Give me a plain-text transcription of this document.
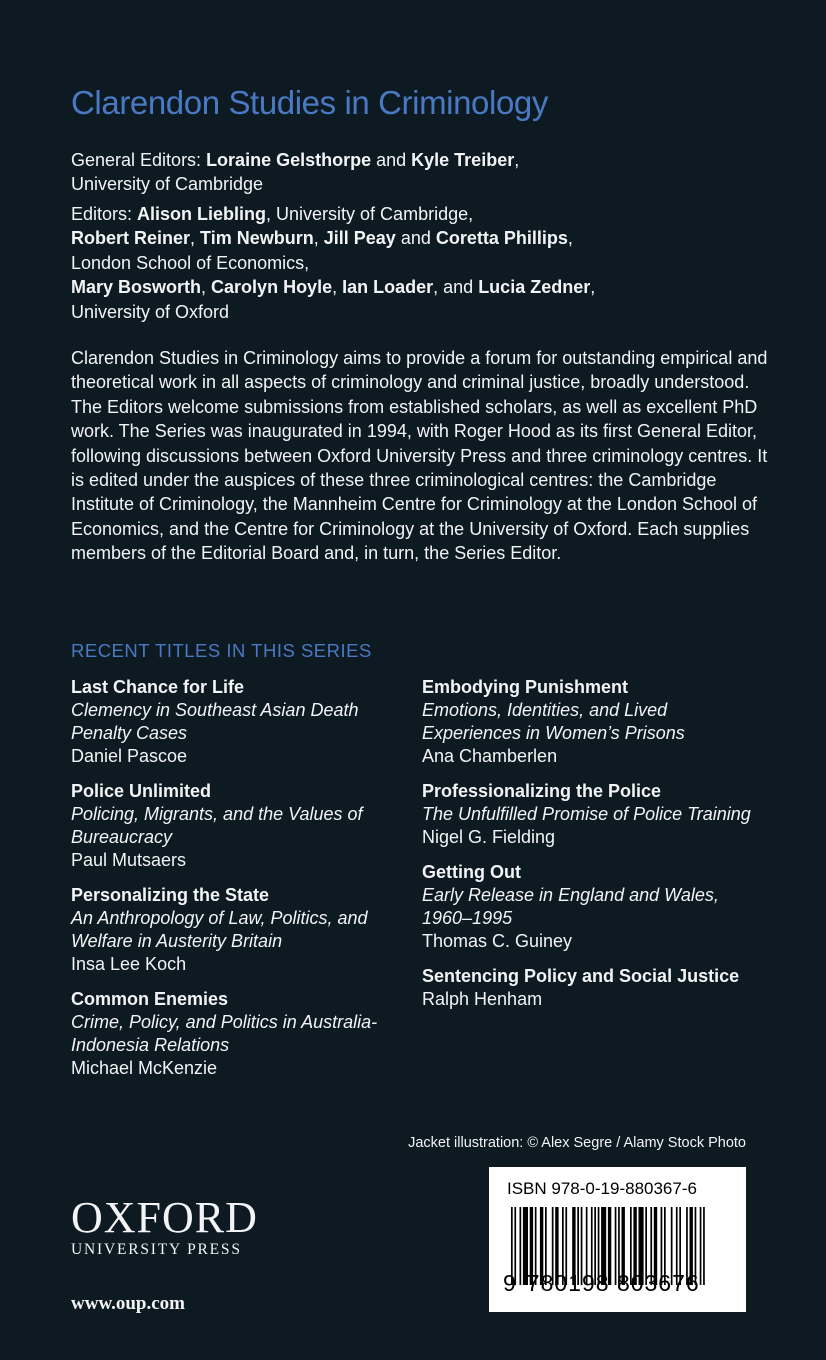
Clarendon Studies in Criminology
General Editors: Loraine Gelsthorpe and Kyle Treiber,
University of Cambridge
Editors: Alison Liebling, University of Cambridge,
Robert Reiner, Tim Newburn, Jill Peay and Coretta Phillips,
London School of Economics,
Mary Bosworth, Carolyn Hoyle, Ian Loader, and Lucia Zedner,
University of Oxford

Clarendon Studies in Criminology aims to provide a forum for outstanding empirical and theoretical work in all aspects of criminology and criminal justice, broadly understood. The Editors welcome submissions from established scholars, as well as excellent PhD work. The Series was inaugurated in 1994, with Roger Hood as its first General Editor, following discussions between Oxford University Press and three criminology centres. It is edited under the auspices of these three criminological centres: the Cambridge Institute of Criminology, the Mannheim Centre for Criminology at the London School of Economics, and the Centre for Criminology at the University of Oxford. Each supplies members of the Editorial Board and, in turn, the Series Editor.

RECENT TITLES IN THIS SERIES
Last Chance for Life
Clemency in Southeast Asian Death Penalty Cases
Daniel Pascoe
Police Unlimited
Policing, Migrants, and the Values of Bureaucracy
Paul Mutsaers
Personalizing the State
An Anthropology of Law, Politics, and Welfare in Austerity Britain
Insa Lee Koch
Common Enemies
Crime, Policy, and Politics in Australia-Indonesia Relations
Michael McKenzie
Embodying Punishment
Emotions, Identities, and Lived Experiences in Women’s Prisons
Ana Chamberlen
Professionalizing the Police
The Unfulfilled Promise of Police Training
Nigel G. Fielding
Getting Out
Early Release in England and Wales, 1960–1995
Thomas C. Guiney
Sentencing Policy and Social Justice
Ralph Henham
Jacket illustration: © Alex Segre / Alamy Stock Photo
OXFORD
UNIVERSITY PRESS
www.oup.com
ISBN 978-0-19-880367-6
9 780198 803676
